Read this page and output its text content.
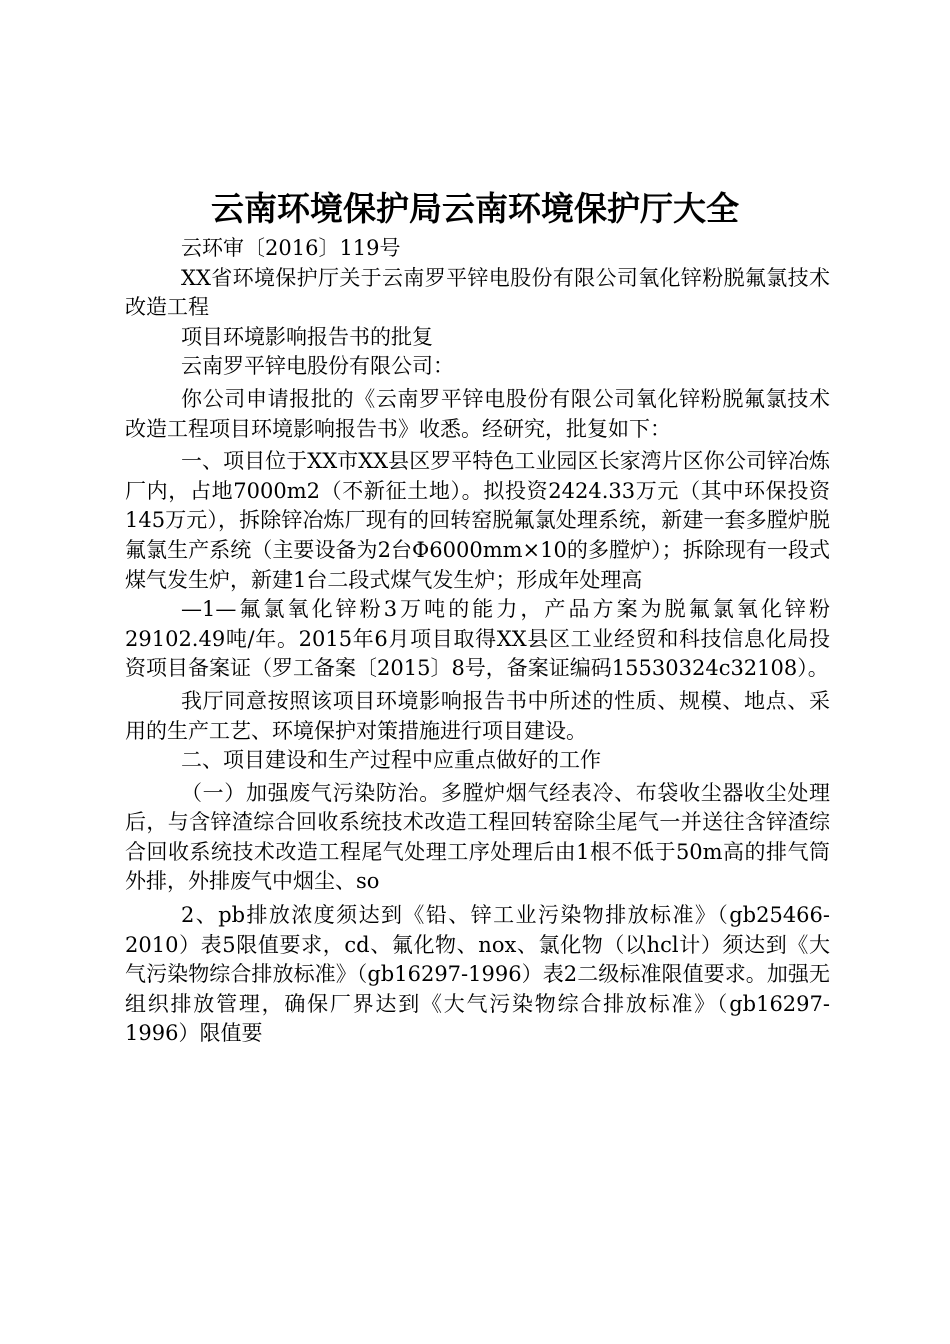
云南环境保护局云南环境保护厅大全

云环审〔2016〕119号

XX省环境保护厅关于云南罗平锌电股份有限公司氧化锌粉脱氟氯技术改造工程

项目环境影响报告书的批复

云南罗平锌电股份有限公司：

你公司申请报批的《云南罗平锌电股份有限公司氧化锌粉脱氟氯技术改造工程项目环境影响报告书》收悉。经研究，批复如下：

一、项目位于XX市XX县区罗平特色工业园区长家湾片区你公司锌冶炼厂内，占地7000m2（不新征土地）。拟投资2424.33万元（其中环保投资145万元），拆除锌冶炼厂现有的回转窑脱氟氯处理系统，新建一套多膛炉脱氟氯生产系统（主要设备为2台Φ6000mm×10的多膛炉）；拆除现有一段式煤气发生炉，新建1台二段式煤气发生炉；形成年处理高

—1—氟氯氧化锌粉3万吨的能力，产品方案为脱氟氯氧化锌粉29102.49吨/年。2015年6月项目取得XX县区工业经贸和科技信息化局投资项目备案证（罗工备案〔2015〕8号，备案证编码15530324c32108）。

我厅同意按照该项目环境影响报告书中所述的性质、规模、地点、采用的生产工艺、环境保护对策措施进行项目建设。

二、项目建设和生产过程中应重点做好的工作

（一）加强废气污染防治。多膛炉烟气经表冷、布袋收尘器收尘处理后，与含锌渣综合回收系统技术改造工程回转窑除尘尾气一并送往含锌渣综合回收系统技术改造工程尾气处理工序处理后由1根不低于50m高的排气筒外排，外排废气中烟尘、so

2、pb排放浓度须达到《铅、锌工业污染物排放标准》（gb25466-2010）表5限值要求，cd、氟化物、nox、氯化物（以hcl计）须达到《大气污染物综合排放标准》（gb16297-1996）表2二级标准限值要求。加强无组织排放管理，确保厂界达到《大气污染物综合排放标准》（gb16297-1996）限值要
